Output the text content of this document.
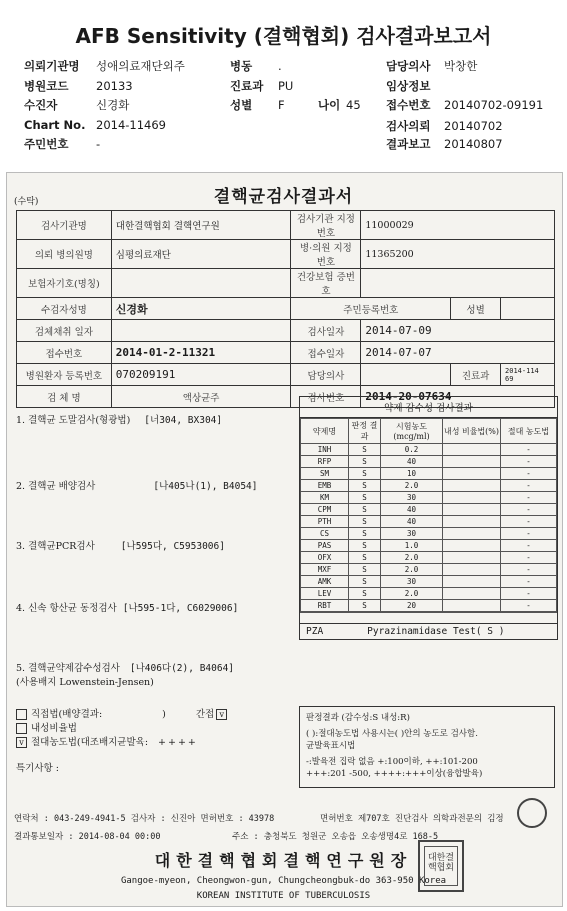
AFB Sensitivity (결핵협회) 검사결과보고서
의뢰기관명 성애의료재단외주
병원코드 20133
수진자	신경화
Chart No. 2014-11469
주민번호 -
병동 .
진료과 PU
성별 F	나이 45
담당의사 박창한
임상정보
접수번호 20140702-09191
검사의뢰 20140702
결과보고 20140807
(수탁)	결핵균검사결과서
검사기관명	대한결핵협회 결핵연구원	검사기관 지정번호	11000029		
의뢰 병의원명	심평의료재단	병·의원 지정번호	11365200		
보험자기호(명칭)		건강보험 증번호			
수검자성명	신경화	주민등록번호		성별	
검체채취 일자		검사일자	2014-07-09		
접수번호	2014-01-2-11321	접수일자	2014-07-07		
병원환자 등록번호	070209191	담당의사		진료과	2014-114 69
검 체 명	액상균주	검사번호	2014-20-07634		
1. 결핵균 도말검사(형광법) [너304, BX304]
2. 결핵균 배양검사	[나405나(1), B4054]
3. 결핵균PCR검사	[나595다, C5953006]
4. 신속 항산균 동정검사 [나595-1다, C6029006]
5. 결핵균약제감수성검사 [나406다(2), B4064]
(사용배지 Lowenstein-Jensen)
약제 감수성 검사결과
약제명	판정 결과	시험농도 (mcg/ml)	내성 비율법(%)	절대 농도법
INH	S	0.2		-
RFP	S	40		-
SM	S	10		-
EMB	S	2.0		-
KM	S	30		-
CPM	S	40		-
PTH	S	40		-
CS	S	30		-
PAS	S	1.0		-
OFX	S	2.0		-
MXF	S	2.0		-
AMK	S	30		-
LEV	S	2.0		-
RBT	S	20		-
PZA	Pyrazinamidase Test( S )
직접법(배양결과:	)	간접 v
내성비율법
v 절대농도법(대조배지균발육: ++++
특기사항 :
판정결과 (감수성:S 내성:R)
( ):절대농도법 사용시는( )안의 농도로 검사함.
균발육표시법
-:발육전 집락 없음 +:100이하, ++:101-200
+++:201 -500, ++++:+++이상(융합발육)
연락처 : 043-249-4941-5 검사자 : 신진아 면허번호 : 43978	면허번호 제707호 진단검사 의학과전문의 김정
결과통보일자 : 2014-08-04 00:00	주소 : 충청북도 청원군 오송읍 오송생명4로 168-5
대한결핵협회결핵연구원장
Gangoe-myeon, Cheongwon-gun, Chungcheongbuk-do 363-950 Korea
KOREAN INSTITUTE OF TUBERCULOSIS
대한결핵협회
